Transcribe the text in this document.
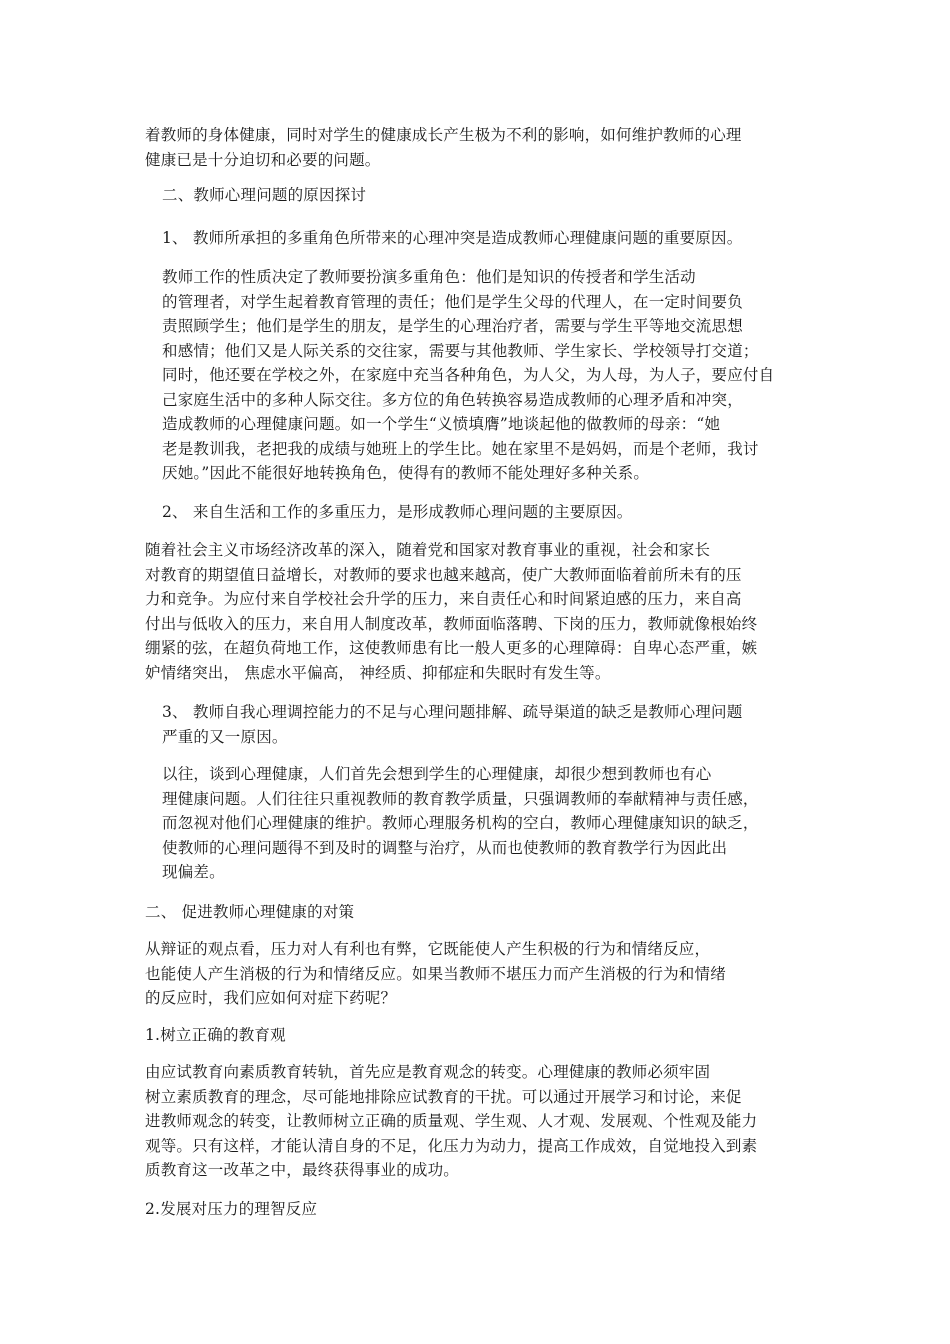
着教师的身体健康，同时对学生的健康成长产生极为不利的影响，如何维护教师的心理
健康已是十分迫切和必要的问题。
二、教师心理问题的原因探讨
1、 教师所承担的多重角色所带来的心理冲突是造成教师心理健康问题的重要原因。
教师工作的性质决定了教师要扮演多重角色：他们是知识的传授者和学生活动
的管理者，对学生起着教育管理的责任；他们是学生父母的代理人，在一定时间要负
责照顾学生；他们是学生的朋友，是学生的心理治疗者，需要与学生平等地交流思想
和感情；他们又是人际关系的交往家，需要与其他教师、学生家长、学校领导打交道；
同时，他还要在学校之外，在家庭中充当各种角色，为人父，为人母，为人子，要应付自
己家庭生活中的多种人际交往。多方位的角色转换容易造成教师的心理矛盾和冲突，
造成教师的心理健康问题。如一个学生“义愤填膺”地谈起他的做教师的母亲：“她
老是教训我，老把我的成绩与她班上的学生比。她在家里不是妈妈，而是个老师，我讨
厌她。”因此不能很好地转换角色，使得有的教师不能处理好多种关系。
2、 来自生活和工作的多重压力，是形成教师心理问题的主要原因。
随着社会主义市场经济改革的深入，随着党和国家对教育事业的重视，社会和家长
对教育的期望值日益增长，对教师的要求也越来越高，使广大教师面临着前所未有的压
力和竞争。为应付来自学校社会升学的压力，来自责任心和时间紧迫感的压力，来自高
付出与低收入的压力，来自用人制度改革，教师面临落聘、下岗的压力，教师就像根始终
绷紧的弦，在超负荷地工作，这使教师患有比一般人更多的心理障碍：自卑心态严重，嫉
妒情绪突出， 焦虑水平偏高， 神经质、抑郁症和失眠时有发生等。
3、 教师自我心理调控能力的不足与心理问题排解、疏导渠道的缺乏是教师心理问题
严重的又一原因。
以往，谈到心理健康，人们首先会想到学生的心理健康，却很少想到教师也有心
理健康问题。人们往往只重视教师的教育教学质量，只强调教师的奉献精神与责任感，
而忽视对他们心理健康的维护。教师心理服务机构的空白，教师心理健康知识的缺乏，
使教师的心理问题得不到及时的调整与治疗，从而也使教师的教育教学行为因此出
现偏差。
二、 促进教师心理健康的对策
从辩证的观点看，压力对人有利也有弊，它既能使人产生积极的行为和情绪反应，
也能使人产生消极的行为和情绪反应。如果当教师不堪压力而产生消极的行为和情绪
的反应时，我们应如何对症下药呢？
1.树立正确的教育观
由应试教育向素质教育转轨，首先应是教育观念的转变。心理健康的教师必须牢固
树立素质教育的理念，尽可能地排除应试教育的干扰。可以通过开展学习和讨论，来促
进教师观念的转变，让教师树立正确的质量观、学生观、人才观、发展观、个性观及能力
观等。只有这样，才能认清自身的不足，化压力为动力，提高工作成效，自觉地投入到素
质教育这一改革之中，最终获得事业的成功。
2.发展对压力的理智反应
